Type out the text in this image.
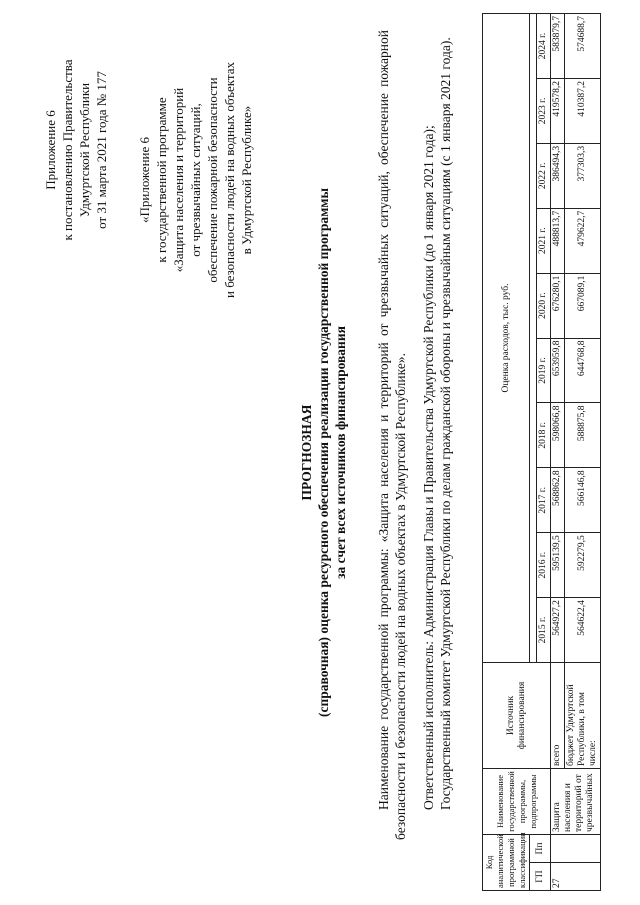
Приложение 6 к постановлению Правительства Удмуртской Республики от 31 марта 2021 года № 177 «Приложение 6 к государственной программе «Защита населения и территорий от чрезвычайных ситуаций, обеспечение пожарной безопасности и безопасности людей на водных объектах в Удмуртской Республике»
ПРОГНОЗНАЯ (справочная) оценка ресурсного обеспечения реализации государственной программы за счет всех источников финансирования Наименование государственной программы: «Защита населения и территорий от чрезвычайных ситуаций, обеспечение пожарной безопасности и безопасности людей на водных объектах в Удмуртской Республике». Ответственный исполнитель: Администрация Главы и Правительства Удмуртской Республики (до 1 января 2021 года); Государственный комитет Удмуртской Республики по делам гражданской обороны и чрезвычайным ситуациям (с 1 января 2021 года).

Код аналитической программной классификации		Наименование государственной программы, подпрограммы	Источник финансирования	Оценка расходов, тыс. руб.									
ГП	Пп												
				2015 г.	2016 г.	2017 г.	2018 г.	2019 г.	2020 г.	2021 г.	2022 г.	2023 г.	2024 г.
27		Защита населения и территорий от чрезвычайных	всего	564927,2	595139,5	568862,8	598066,8	653959,8	676280,1	488813,7	386494,3	419578,2	583879,7
			бюджет Удмуртской Республики, в том числе:	564622,4	592279,5	566146,8	588875,8	644768,8	667089,1	479622,7	377303,3	410387,2	574688,7
